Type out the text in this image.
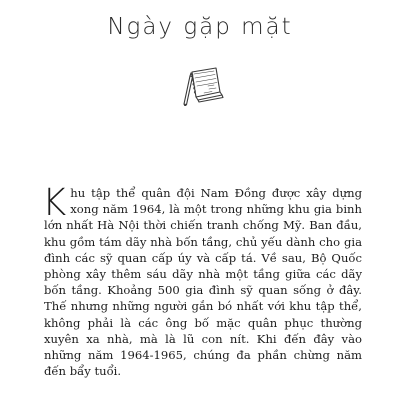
Ngày gặp mặt

Khu tập thể quân đội Nam Đồng được xây dựng xong năm 1964, là một trong những khu gia binh lớn nhất Hà Nội thời chiến tranh chống Mỹ. Ban đầu, khu gồm tám dãy nhà bốn tầng, chủ yếu dành cho gia đình các sỹ quan cấp úy và cấp tá. Về sau, Bộ Quốc phòng xây thêm sáu dãy nhà một tầng giữa các dãy bốn tầng. Khoảng 500 gia đình sỹ quan sống ở đây. Thế nhưng những người gắn bó nhất với khu tập thể, không phải là các ông bố mặc quân phục thường xuyên xa nhà, mà là lũ con nít. Khi đến đây vào những năm 1964-1965, chúng đa phần chừng năm đến bẩy tuổi.
